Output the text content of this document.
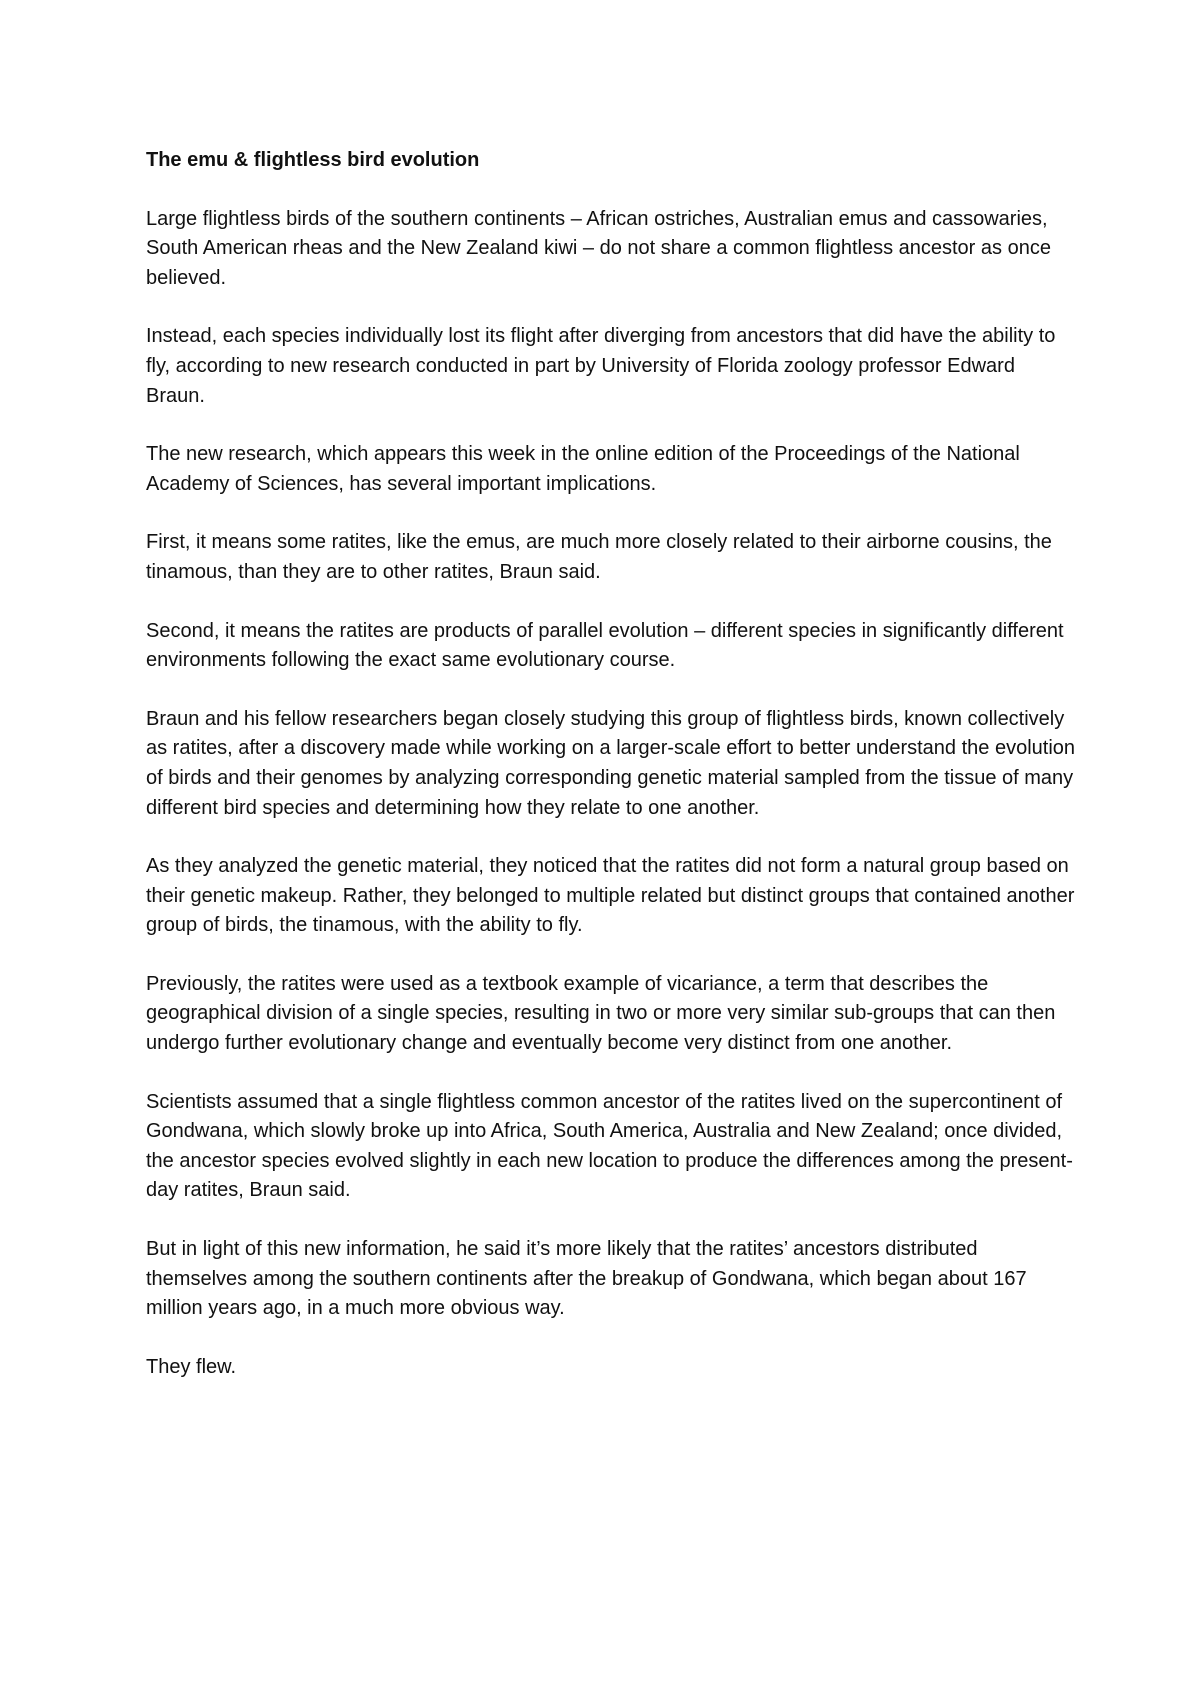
The emu & flightless bird evolution

Large flightless birds of the southern continents – African ostriches, Australian emus and cassowaries, South American rheas and the New Zealand kiwi – do not share a common flightless ancestor as once believed.

Instead, each species individually lost its flight after diverging from ancestors that did have the ability to fly, according to new research conducted in part by University of Florida zoology professor Edward Braun.

The new research, which appears this week in the online edition of the Proceedings of the National Academy of Sciences, has several important implications.

First, it means some ratites, like the emus, are much more closely related to their airborne cousins, the tinamous, than they are to other ratites, Braun said.

Second, it means the ratites are products of parallel evolution – different species in significantly different environments following the exact same evolutionary course.

Braun and his fellow researchers began closely studying this group of flightless birds, known collectively as ratites, after a discovery made while working on a larger-scale effort to better understand the evolution of birds and their genomes by analyzing corresponding genetic material sampled from the tissue of many different bird species and determining how they relate to one another.

As they analyzed the genetic material, they noticed that the ratites did not form a natural group based on their genetic makeup. Rather, they belonged to multiple related but distinct groups that contained another group of birds, the tinamous, with the ability to fly.

Previously, the ratites were used as a textbook example of vicariance, a term that describes the geographical division of a single species, resulting in two or more very similar sub-groups that can then undergo further evolutionary change and eventually become very distinct from one another.

Scientists assumed that a single flightless common ancestor of the ratites lived on the supercontinent of Gondwana, which slowly broke up into Africa, South America, Australia and New Zealand; once divided, the ancestor species evolved slightly in each new location to produce the differences among the present-day ratites, Braun said.

But in light of this new information, he said it’s more likely that the ratites’ ancestors distributed themselves among the southern continents after the breakup of Gondwana, which began about 167 million years ago, in a much more obvious way.

They flew.
